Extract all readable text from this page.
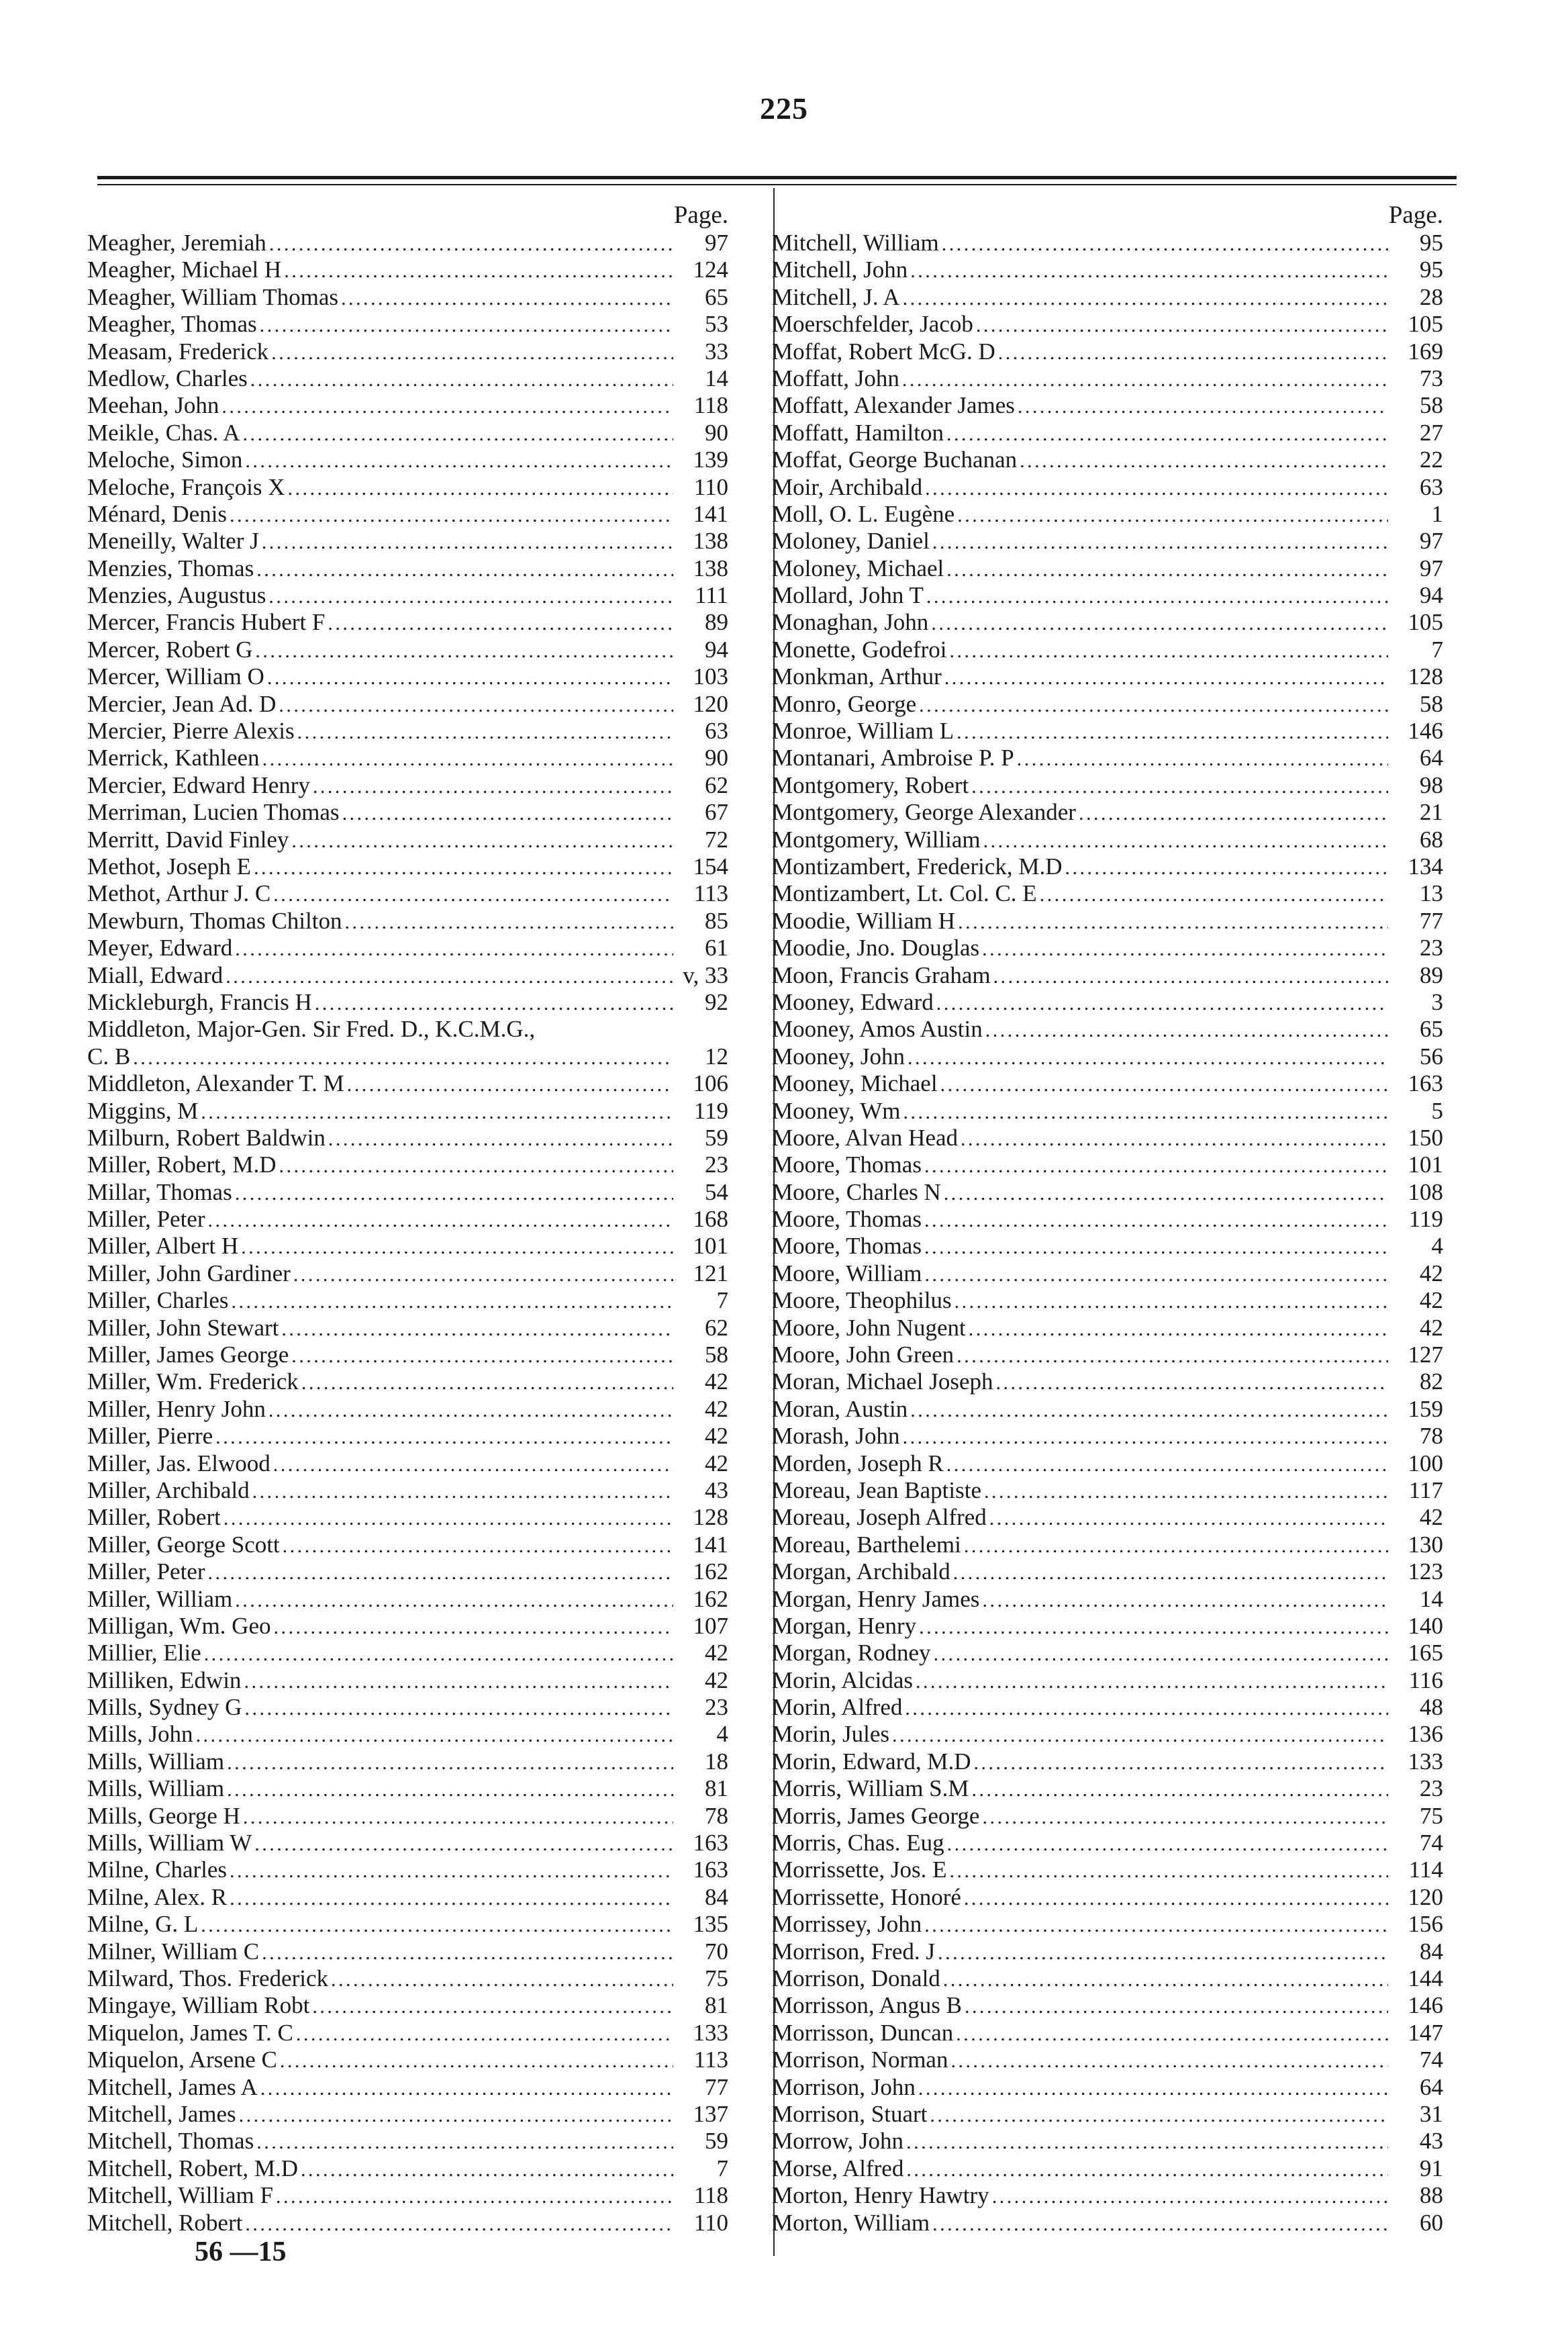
225
Page.
Meagher, Jeremiah . . .	97
Meagher, Michael H . . .	124
Meagher, William Thomas . . .	65
Meagher, Thomas . . .	53
Measam, Frederick . . .	33
Medlow, Charles . . .	14
Meehan, John . . .	118
Meikle, Chas. A . . .	90
Meloche, Simon . . .	139
Meloche, François X . . .	110
Ménard, Denis . . .	141
Meneilly, Walter J . . .	138
Menzies, Thomas . . .	138
Menzies, Augustus . . .	111
Mercer, Francis Hubert F . . .	89
Mercer, Robert G . . .	94
Mercer, William O . . .	103
Mercier, Jean Ad. D . . .	120
Mercier, Pierre Alexis . . .	63
Merrick, Kathleen . . .	90
Mercier, Edward Henry . . .	62
Merriman, Lucien Thomas . . .	67
Merritt, David Finley . . .	72
Methot, Joseph E . . .	154
Methot, Arthur J. C . . .	113
Mewburn, Thomas Chilton . . .	85
Meyer, Edward . . .	61
Miall, Edward . . .	v, 33
Mickleburgh, Francis H . . .	92
Middleton, Major-Gen. Sir Fred. D., K.C.M.G.,
C. B . . .	12
Middleton, Alexander T. M . . .	106
Miggins, M . . .	119
Milburn, Robert Baldwin . . .	59
Miller, Robert, M.D . . .	23
Millar, Thomas . . .	54
Miller, Peter . . .	168
Miller, Albert H . . .	101
Miller, John Gardiner . . .	121
Miller, Charles . . .	7
Miller, John Stewart . . .	62
Miller, James George . . .	58
Miller, Wm. Frederick . . .	42
Miller, Henry John . . .	42
Miller, Pierre . . .	42
Miller, Jas. Elwood . . .	42
Miller, Archibald . . .	43
Miller, Robert . . .	128
Miller, George Scott . . .	141
Miller, Peter . . .	162
Miller, William . . .	162
Milligan, Wm. Geo . . .	107
Millier, Elie . . .	42
Milliken, Edwin . . .	42
Mills, Sydney G . . .	23
Mills, John . . .	4
Mills, William . . .	18
Mills, William . . .	81
Mills, George H . . .	78
Mills, William W . . .	163
Milne, Charles . . .	163
Milne, Alex. R . . .	84
Milne, G. L . . .	135
Milner, William C . . .	70
Milward, Thos. Frederick . . .	75
Mingaye, William Robt . . .	81
Miquelon, James T. C . . .	133
Miquelon, Arsene C . . .	113
Mitchell, James A . . .	77
Mitchell, James . . .	137
Mitchell, Thomas . . .	59
Mitchell, Robert, M.D . . .	7
Mitchell, William F . . .	118
Mitchell, Robert . . .	110
Page.
Mitchell, William . . .	95
Mitchell, John . . .	95
Mitchell, J. A . . .	28
Moerschfelder, Jacob . . .	105
Moffat, Robert McG. D . . .	169
Moffatt, John . . .	73
Moffatt, Alexander James . . .	58
Moffatt, Hamilton . . .	27
Moffat, George Buchanan . . .	22
Moir, Archibald . . .	63
Moll, O. L. Eugène . . .	1
Moloney, Daniel . . .	97
Moloney, Michael . . .	97
Mollard, John T . . .	94
Monaghan, John . . .	105
Monette, Godefroi . . .	7
Monkman, Arthur . . .	128
Monro, George . . .	58
Monroe, William L . . .	146
Montanari, Ambroise P. P . . .	64
Montgomery, Robert . . .	98
Montgomery, George Alexander . . .	21
Montgomery, William . . .	68
Montizambert, Frederick, M.D . . .	134
Montizambert, Lt. Col. C. E . . .	13
Moodie, William H . . .	77
Moodie, Jno. Douglas . . .	23
Moon, Francis Graham . . .	89
Mooney, Edward . . .	3
Mooney, Amos Austin . . .	65
Mooney, John . . .	56
Mooney, Michael . . .	163
Mooney, Wm . . .	5
Moore, Alvan Head . . .	150
Moore, Thomas . . .	101
Moore, Charles N . . .	108
Moore, Thomas . . .	119
Moore, Thomas . . .	4
Moore, William . . .	42
Moore, Theophilus . . .	42
Moore, John Nugent . . .	42
Moore, John Green . . .	127
Moran, Michael Joseph . . .	82
Moran, Austin . . .	159
Morash, John . . .	78
Morden, Joseph R . . .	100
Moreau, Jean Baptiste . . .	117
Moreau, Joseph Alfred . . .	42
Moreau, Barthelemi . . .	130
Morgan, Archibald . . .	123
Morgan, Henry James . . .	14
Morgan, Henry . . .	140
Morgan, Rodney . . .	165
Morin, Alcidas . . .	116
Morin, Alfred . . .	48
Morin, Jules . . .	136
Morin, Edward, M.D . . .	133
Morris, William S.M . . .	23
Morris, James George . . .	75
Morris, Chas. Eug . . .	74
Morrissette, Jos. E . . .	114
Morrissette, Honoré . . .	120
Morrissey, John . . .	156
Morrison, Fred. J . . .	84
Morrison, Donald . . .	144
Morrisson, Angus B . . .	146
Morrisson, Duncan . . .	147
Morrison, Norman . . .	74
Morrison, John . . .	64
Morrison, Stuart . . .	31
Morrow, John . . .	43
Morse, Alfred . . .	91
Morton, Henry Hawtry . . .	88
Morton, William . . .	60
56 —15
